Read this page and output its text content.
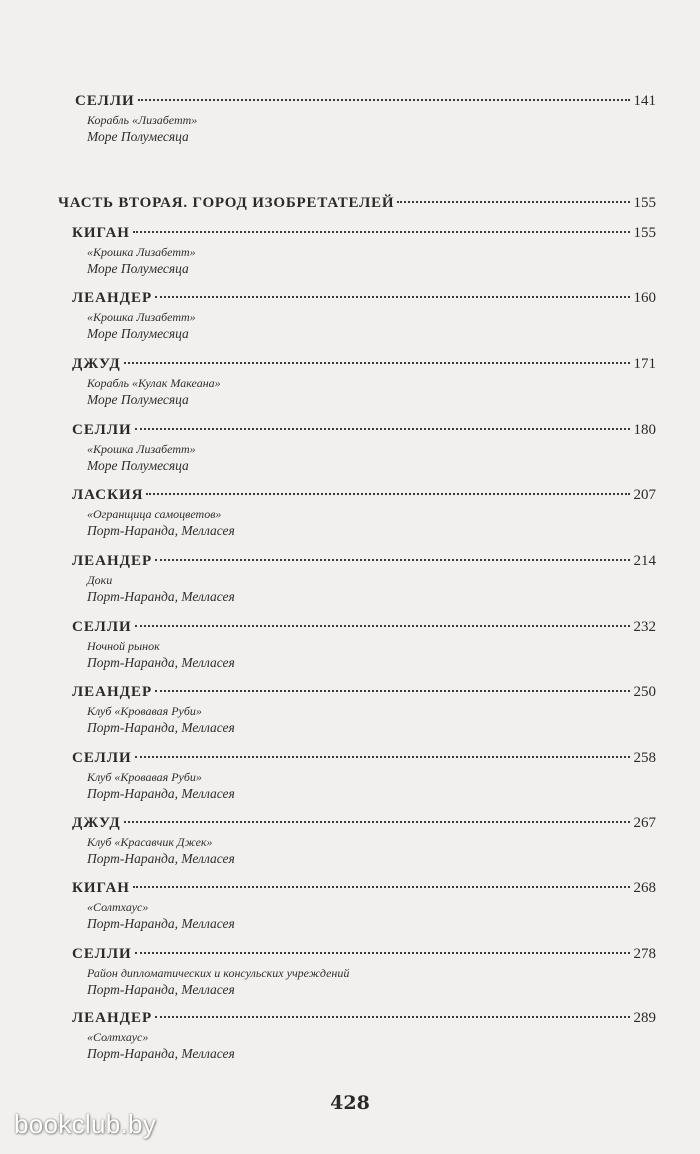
СЕЛЛИ	141
Корабль «Лизабетт»
Море Полумесяца
ЧАСТЬ ВТОРАЯ. ГОРОД ИЗОБРЕТАТЕЛЕЙ	155
КИГАН	155
«Крошка Лизабетт»
Море Полумесяца
ЛЕАНДЕР	160
«Крошка Лизабетт»
Море Полумесяца
ДЖУД	171
Корабль «Кулак Макеана»
Море Полумесяца
СЕЛЛИ	180
«Крошка Лизабетт»
Море Полумесяца
ЛАСКИЯ	207
«Огранщица самоцветов»
Порт-Наранда, Мелласея
ЛЕАНДЕР	214
Доки
Порт-Наранда, Мелласея
СЕЛЛИ	232
Ночной рынок
Порт-Наранда, Мелласея
ЛЕАНДЕР	250
Клуб «Кровавая Руби»
Порт-Наранда, Мелласея
СЕЛЛИ	258
Клуб «Кровавая Руби»
Порт-Наранда, Мелласея
ДЖУД	267
Клуб «Красавчик Джек»
Порт-Наранда, Мелласея
КИГАН	268
«Солтхаус»
Порт-Наранда, Мелласея
СЕЛЛИ	278
Район дипломатических и консульских учреждений
Порт-Наранда, Мелласея
ЛЕАНДЕР	289
«Солтхаус»
Порт-Наранда, Мелласея
428
bookclub.by
